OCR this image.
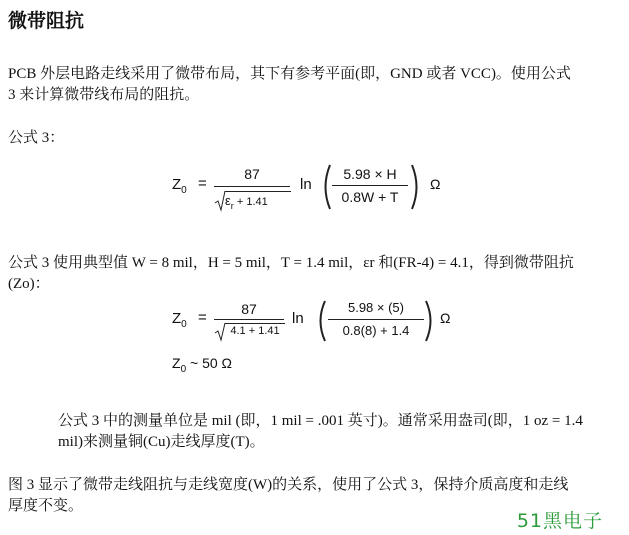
微带阻抗
PCB 外层电路走线采用了微带布局，其下有参考平面(即，GND 或者 VCC)。使用公式
3 来计算微带线布局的阻抗。
公式 3：
$Z_0$ =
87
$\varepsilon_r + 1.41$
ln
5.98 × H
0.8W + T
Ω
公式 3 使用典型值 W = 8 mil，H = 5 mil，T = 1.4 mil，εr 和(FR-4) = 4.1，得到微带阻抗
(Zo)：
$Z_0$ =	87
4.1 + 1.41
ln
5.98 × (5)
0.8(8) + 1.4
Ω
$Z_0$ ~ 50 Ω
公式 3 中的测量单位是 mil (即，1 mil = .001 英寸)。通常采用盎司(即，1 oz = 1.4
mil)来测量铜(Cu)走线厚度(T)。
图 3 显示了微带走线阻抗与走线宽度(W)的关系，使用了公式 3，保持介质高度和走线
厚度不变。
51黑电子
